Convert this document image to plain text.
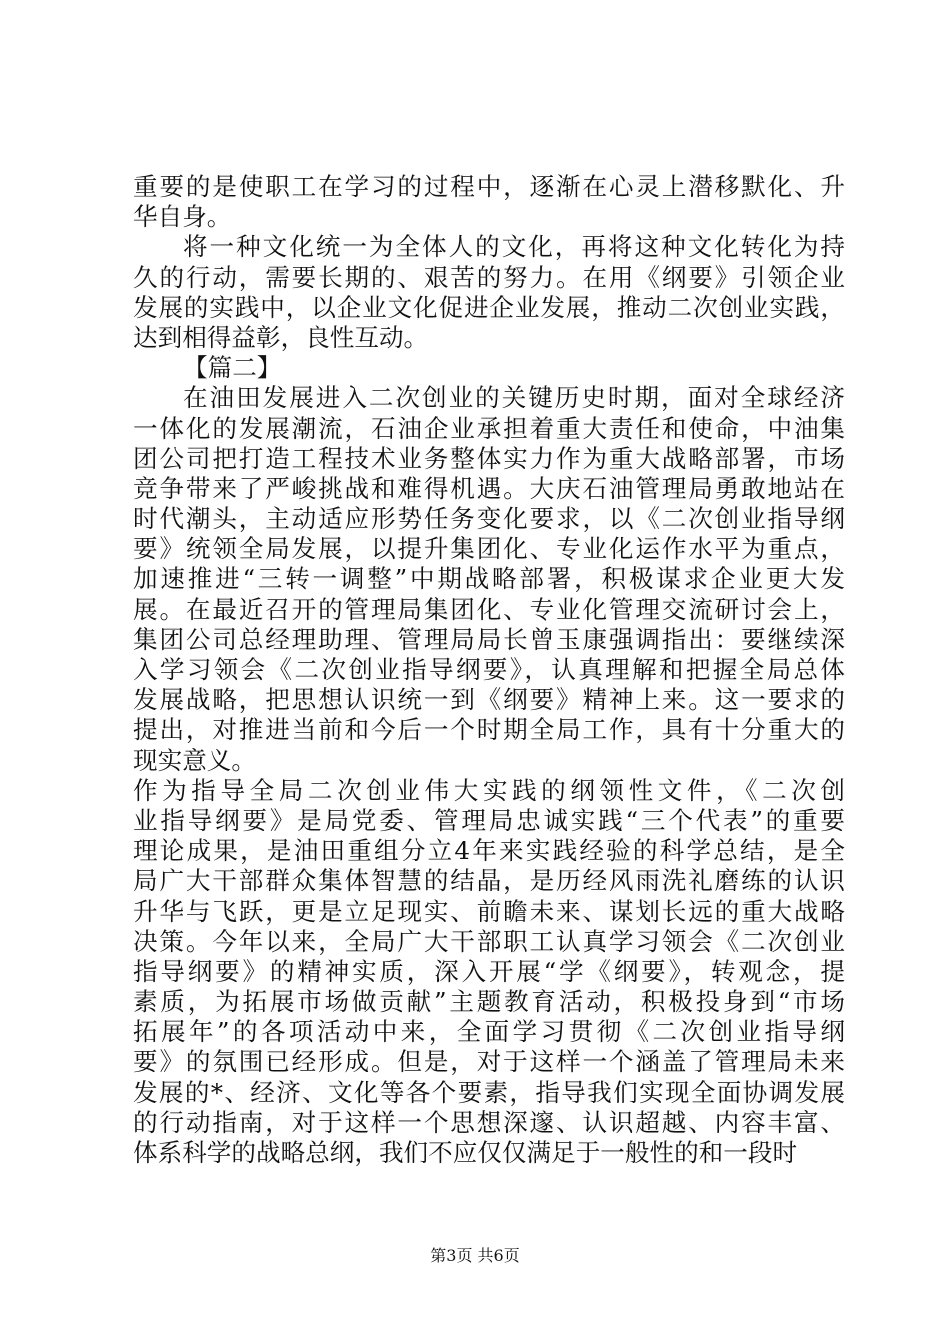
重要的是使职工在学习的过程中，逐渐在心灵上潜移默化、升
华自身。
将一种文化统一为全体人的文化，再将这种文化转化为持
久的行动，需要长期的、艰苦的努力。在用《纲要》引领企业
发展的实践中，以企业文化促进企业发展，推动二次创业实践，
达到相得益彰，良性互动。
【篇二】
在油田发展进入二次创业的关键历史时期，面对全球经济
一体化的发展潮流，石油企业承担着重大责任和使命，中油集
团公司把打造工程技术业务整体实力作为重大战略部署，市场
竞争带来了严峻挑战和难得机遇。大庆石油管理局勇敢地站在
时代潮头，主动适应形势任务变化要求，以《二次创业指导纲
要》统领全局发展，以提升集团化、专业化运作水平为重点，
加速推进“三转一调整”中期战略部署，积极谋求企业更大发
展。在最近召开的管理局集团化、专业化管理交流研讨会上，
集团公司总经理助理、管理局局长曾玉康强调指出：要继续深
入学习领会《二次创业指导纲要》，认真理解和把握全局总体
发展战略，把思想认识统一到《纲要》精神上来。这一要求的
提出，对推进当前和今后一个时期全局工作，具有十分重大的
现实意义。
作为指导全局二次创业伟大实践的纲领性文件，《二次创
业指导纲要》是局党委、管理局忠诚实践“三个代表”的重要
理论成果，是油田重组分立4年来实践经验的科学总结，是全
局广大干部群众集体智慧的结晶，是历经风雨洗礼磨练的认识
升华与飞跃，更是立足现实、前瞻未来、谋划长远的重大战略
决策。今年以来，全局广大干部职工认真学习领会《二次创业
指导纲要》的精神实质，深入开展“学《纲要》，转观念，提
素质，为拓展市场做贡献”主题教育活动，积极投身到“市场
拓展年”的各项活动中来，全面学习贯彻《二次创业指导纲
要》的氛围已经形成。但是，对于这样一个涵盖了管理局未来
发展的*、经济、文化等各个要素，指导我们实现全面协调发展
的行动指南，对于这样一个思想深邃、认识超越、内容丰富、
体系科学的战略总纲，我们不应仅仅满足于一般性的和一段时
第3页 共6页
